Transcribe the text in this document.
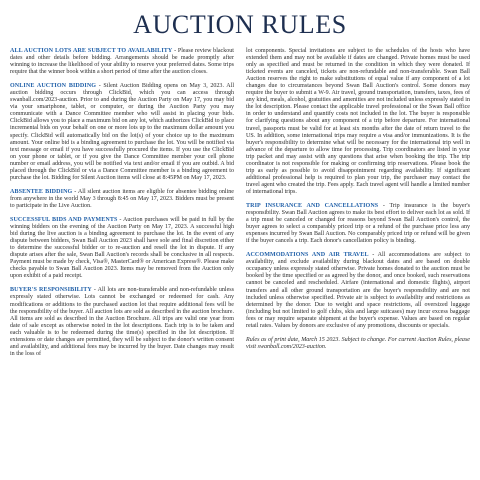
AUCTION RULES

ALL AUCTION LOTS ARE SUBJECT TO AVAILABILITY - Please review blackout dates and other details before bidding. Arrangements should be made promptly after winning to increase the likelihood of your ability to reserve your preferred dates. Some trips require that the winner book within a short period of time after the auction closes.

ONLINE AUCTION BIDDING - Silent Auction Bidding opens on May 3, 2023. All auction bidding occurs through ClickBid, which you can access through swanball.com/2023-auction. Prior to and during the Auction Party on May 17, you may bid via your smartphone, tablet, or computer, or during the Auction Party you may communicate with a Dance Committee member who will assist in placing your bids. ClickBid allows you to place a maximum bid on any lot, which authorizes ClickBid to place incremental bids on your behalf on one or more lots up to the maximum dollar amount you specify. ClickBid will automatically bid on the lot(s) of your choice up to the maximum amount. Your online bid is a binding agreement to purchase the lot. You will be notified via text message or email if you have successfully procured the items. If you use the ClickBid on your phone or tablet, or if you give the Dance Committee member your cell phone number or email address, you will be notified via text and/or email if you are outbid. A bid placed through the ClickBid or via a Dance Committee member is a binding agreement to purchase the lot. Bidding for Silent Auction items will close at 8:45PM on May 17, 2023.

ABSENTEE BIDDING - All silent auction items are eligible for absentee bidding online from anywhere in the world May 3 through 8:45 on May 17, 2023. Bidders must be present to participate in the Live Auction.

SUCCESSFUL BIDS AND PAYMENTS - Auction purchases will be paid in full by the winning bidders on the evening of the Auction Party on May 17, 2023. A successful high bid during the live auction is a binding agreement to purchase the lot. In the event of any dispute between bidders, Swan Ball Auction 2023 shall have sole and final discretion either to determine the successful bidder or to re-auction and resell the lot in dispute. If any dispute arises after the sale, Swan Ball Auction's records shall be conclusive in all respects. Payment must be made by check, Visa®, MasterCard® or American Express®. Please make checks payable to Swan Ball Auction 2023. Items may be removed from the Auction only upon exhibit of a paid receipt.

BUYER'S RESPONSIBILITY - All lots are non-transferable and non-refundable unless expressly stated otherwise. Lots cannot be exchanged or redeemed for cash. Any modifications or additions to the purchased auction lot that require additional fees will be the responsibility of the buyer. All auction lots are sold as described in the auction brochure. All items are sold as described in the Auction Brochure. All trips are valid one year from date of sale except as otherwise noted in the lot descriptions. Each trip is to be taken and each valuable is to be redeemed during the time(s) specified in the lot description. If extensions or date changes are permitted, they will be subject to the donor's written consent and availability, and additional fees may be incurred by the buyer. Date changes may result in the loss of

lot components. Special invitations are subject to the schedules of the hosts who have extended them and may not be available if dates are changed. Private homes must be used only as specified and must be returned in the condition in which they were donated. If ticketed events are canceled, tickets are non-refundable and non-transferable. Swan Ball Auction reserves the right to make substitutions of equal value if any component of a lot changes due to circumstances beyond Swan Ball Auction's control. Some donors may require the buyer to submit a W-9. Air travel, ground transportation, transfers, taxes, fees of any kind, meals, alcohol, gratuities and amenities are not included unless expressly stated in the lot description. Please contact the applicable travel professional or the Swan Ball office in order to understand and quantify costs not included in the lot. The buyer is responsible for clarifying questions about any component of a trip before departure. For international travel, passports must be valid for at least six months after the date of return travel to the US. In addition, some international trips may require a visa and/or immunizations. It is the buyer's responsibility to determine what will be necessary for the international trip well in advance of the departure to allow time for processing. Trip coordinators are listed in your trip packet and may assist with any questions that arise when booking the trip. The trip coordinator is not responsible for making or confirming trip reservations. Please book the trip as early as possible to avoid disappointment regarding availability. If significant additional professional help is required to plan your trip, the purchaser may contact the travel agent who created the trip. Fees apply. Each travel agent will handle a limited number of international trips.

TRIP INSURANCE AND CANCELLATIONS - Trip insurance is the buyer's responsibility. Swan Ball Auction agrees to make its best effort to deliver each lot as sold. If a trip must be canceled or changed for reasons beyond Swan Ball Auction's control, the buyer agrees to select a comparably priced trip or a refund of the purchase price less any expenses incurred by Swan Ball Auction. No comparably priced trip or refund will be given if the buyer cancels a trip. Each donor's cancellation policy is binding.

ACCOMMODATIONS AND AIR TRAVEL - All accommodations are subject to availability, and exclude availability during blackout dates and are based on double occupancy unless expressly stated otherwise. Private homes donated to the auction must be booked by the time specified or as agreed by the donor, and once booked, such reservations cannot be canceled and rescheduled. Airfare (international and domestic flights), airport transfers and all other ground transportation are the buyer's responsibility and are not included unless otherwise specified. Private air is subject to availability and restrictions as determined by the donor. Due to weight and space restrictions, all oversized luggage (including but not limited to golf clubs, skis and large suitcases) may incur excess baggage fees or may require separate shipment at the buyer's expense. Values are based on regular retail rates. Values by donors are exclusive of any promotions, discounts or specials.

Rules as of print date, March 15 2023. Subject to change. For current Auction Rules, please visit swanball.com/2023-auction.
